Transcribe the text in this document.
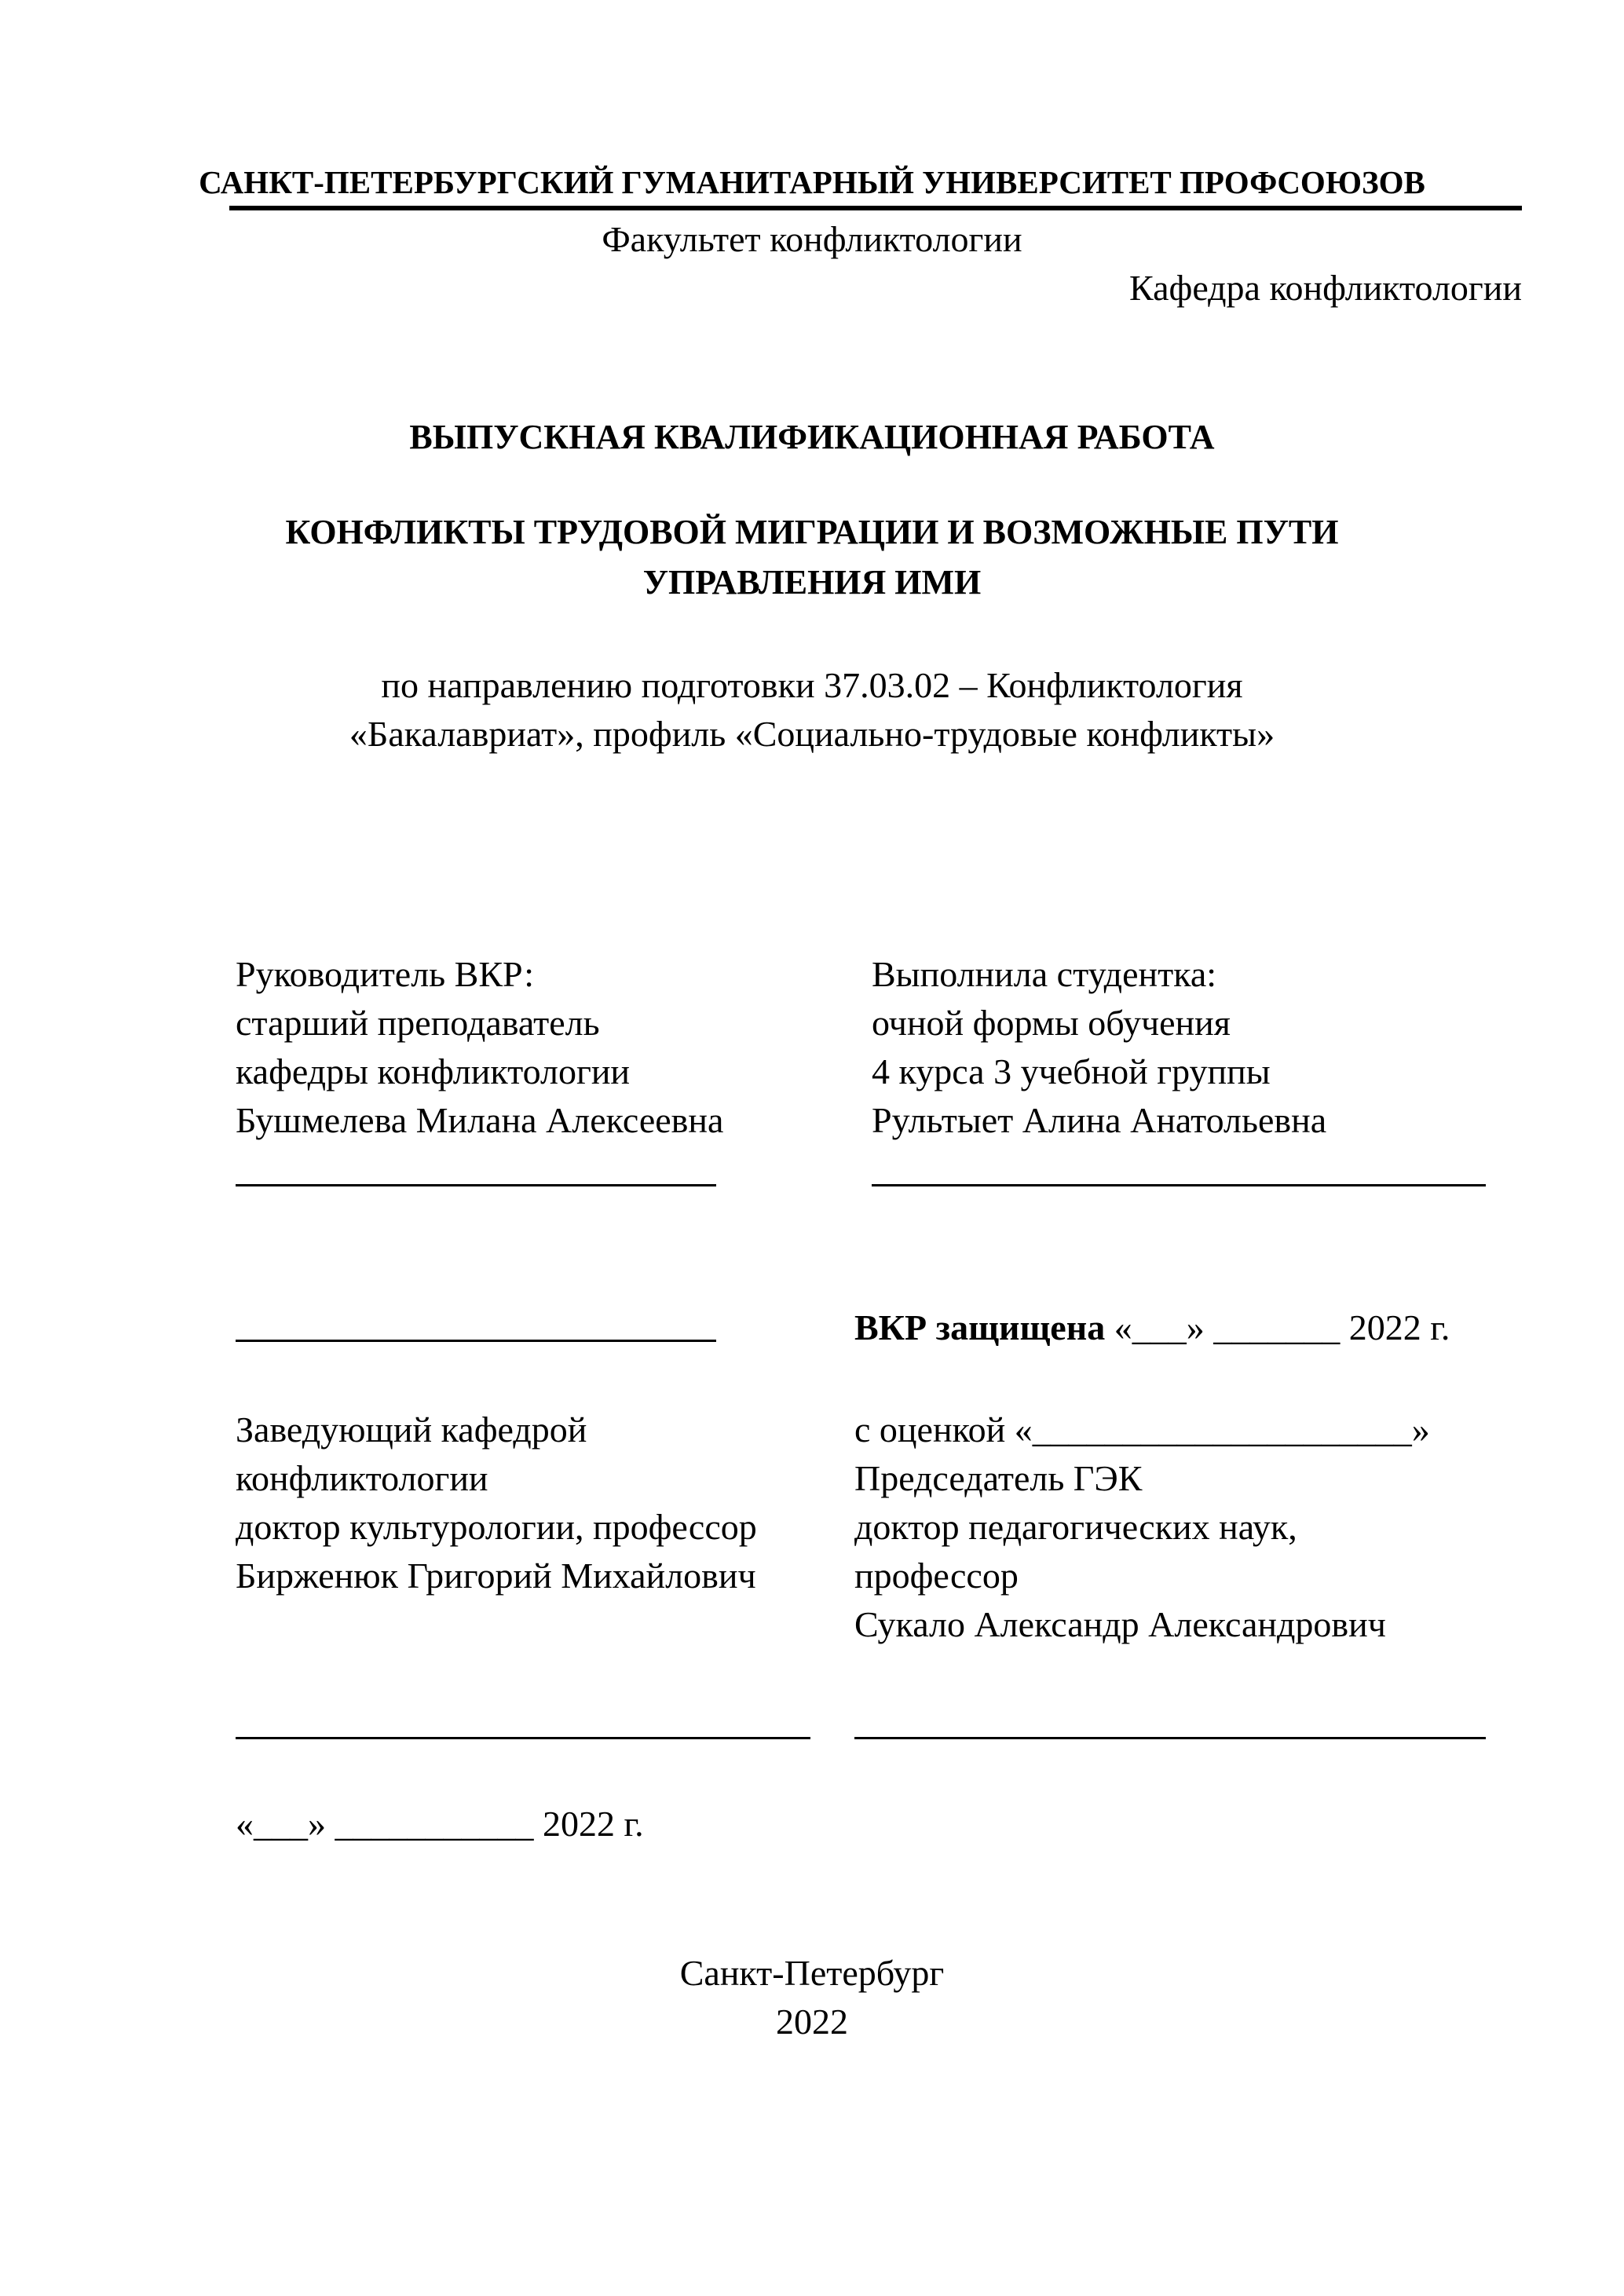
САНКТ-ПЕТЕРБУРГСКИЙ ГУМАНИТАРНЫЙ УНИВЕРСИТЕТ ПРОФСОЮЗОВ
Факультет конфликтологии
Кафедра конфликтологии
ВЫПУСКНАЯ КВАЛИФИКАЦИОННАЯ РАБОТА
КОНФЛИКТЫ ТРУДОВОЙ МИГРАЦИИ И ВОЗМОЖНЫЕ ПУТИ
УПРАВЛЕНИЯ ИМИ
по направлению подготовки 37.03.02 – Конфликтология
«Бакалавриат», профиль «Социально-трудовые конфликты»
Руководитель ВКР:
старший преподаватель
кафедры конфликтологии
Бушмелева Милана Алексеевна
Выполнила студентка:
очной формы обучения
4 курса 3 учебной группы
Рультыет Алина Анатольевна
ВКР защищена «___» _______ 2022 г.
Заведующий кафедрой
конфликтологии
доктор культурологии, профессор
Бирженюк Григорий Михайлович
с оценкой «_____________________»
Председатель ГЭК
доктор педагогических наук,
профессор
Сукало Александр Александрович
«___» ___________ 2022 г.
Санкт-Петербург
2022
